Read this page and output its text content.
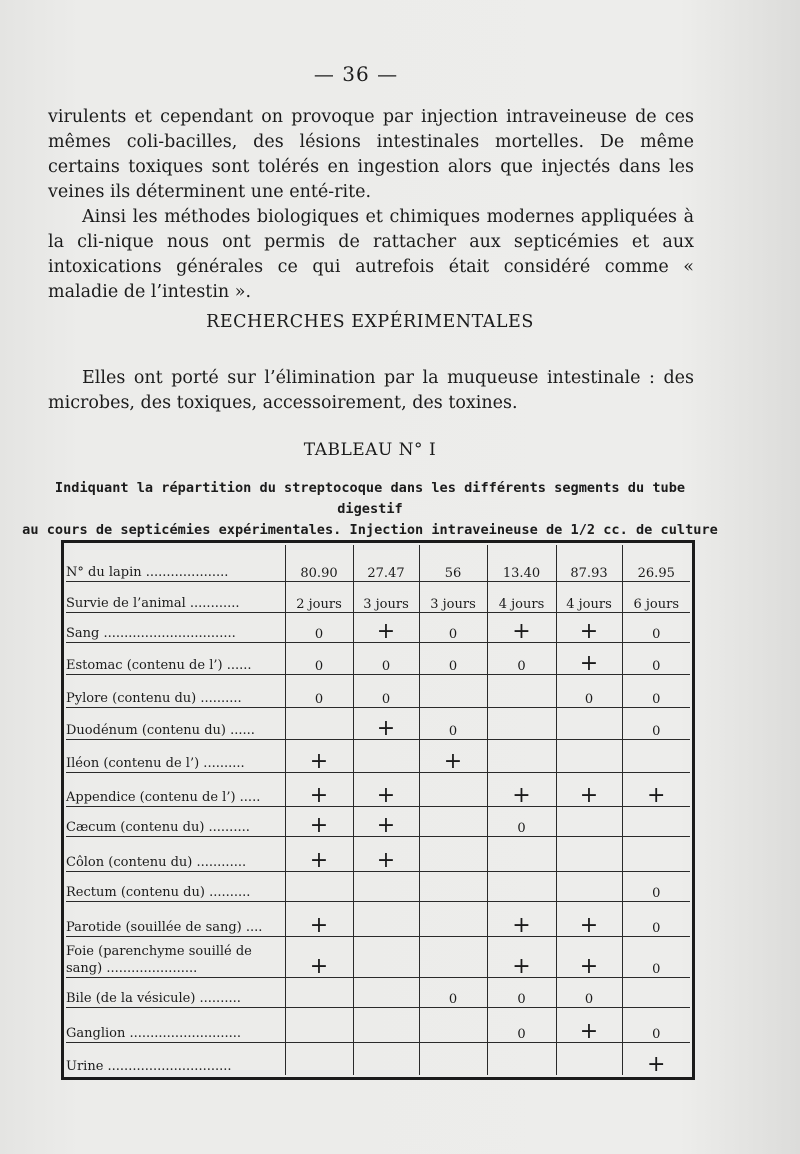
— 36 —
virulents et cependant on provoque par injection intraveineuse de ces mêmes coli-bacilles, des lésions intestinales mortelles. De même certains toxiques sont tolérés en ingestion alors que injectés dans les veines ils déterminent une enté-rite.
Ainsi les méthodes biologiques et chimiques modernes appliquées à la cli-nique nous ont permis de rattacher aux septicémies et aux intoxications générales ce qui autrefois était considéré comme « maladie de l’intestin ».
RECHERCHES EXPÉRIMENTALES
Elles ont porté sur l’élimination par la muqueuse intestinale : des microbes, des toxiques, accessoirement, des toxines.
TABLEAU N° I
Indiquant la répartition du streptocoque dans les différents segments du tube digestif
au cours de septicémies expérimentales. Injection intraveineuse de 1/2 cc. de culture
N° du lapin ....................	80.90	27.47	56	13.40	87.93	26.95
Survie de l’animal ............	2 jours	3 jours	3 jours	4 jours	4 jours	6 jours
Sang ................................	0	+	0	+	+	0
Estomac (contenu de l’) ......	0	0	0	0	+	0
Pylore (contenu du) ..........	0	0			0	0
Duodénum (contenu du) ......		+	0			0
Iléon (contenu de l’) ..........	+		+			
Appendice (contenu de l’) .....	+	+		+	+	+
Cæcum (contenu du) ..........	+	+		0		
Côlon (contenu du) ............	+	+				
Rectum (contenu du) ..........						0
Parotide (souillée de sang) ....	+			+	+	0
Foie (parenchyme souillé de sang) ......................	+			+	+	0
Bile (de la vésicule) ..........			0	0	0	
Ganglion ...........................				0	+	0
Urine ..............................						+
